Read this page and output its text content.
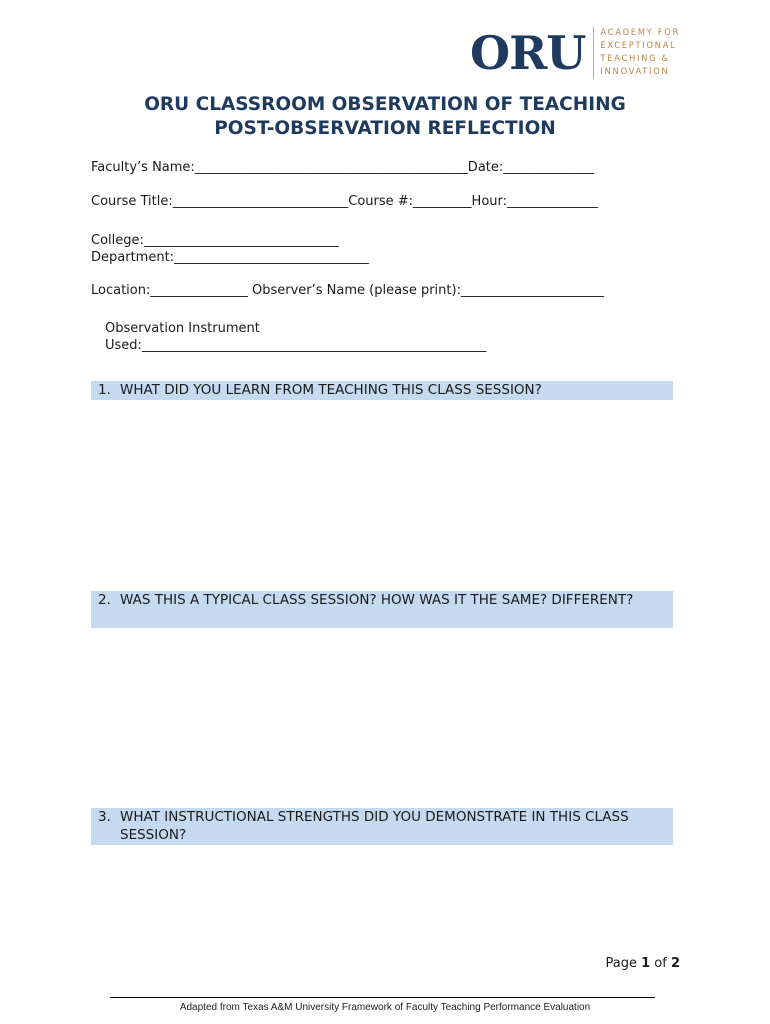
ORU ACADEMY FOR
EXCEPTIONAL
TEACHING &
INNOVATION
ORU CLASSROOM OBSERVATION OF TEACHING
POST-OBSERVATION REFLECTION
Faculty’s Name:__________________________________________Date:______________
Course Title:___________________________Course #:_________Hour:______________
College:______________________________
Department:______________________________
Location:_______________ Observer’s Name (please print):______________________
Observation Instrument
Used:_____________________________________________________
1. WHAT DID YOU LEARN FROM TEACHING THIS CLASS SESSION?
2. WAS THIS A TYPICAL CLASS SESSION? HOW WAS IT THE SAME? DIFFERENT?
3. WHAT INSTRUCTIONAL STRENGTHS DID YOU DEMONSTRATE IN THIS CLASS SESSION?
Page 1 of 2
Adapted from Texas A&M University Framework of Faculty Teaching Performance Evaluation
